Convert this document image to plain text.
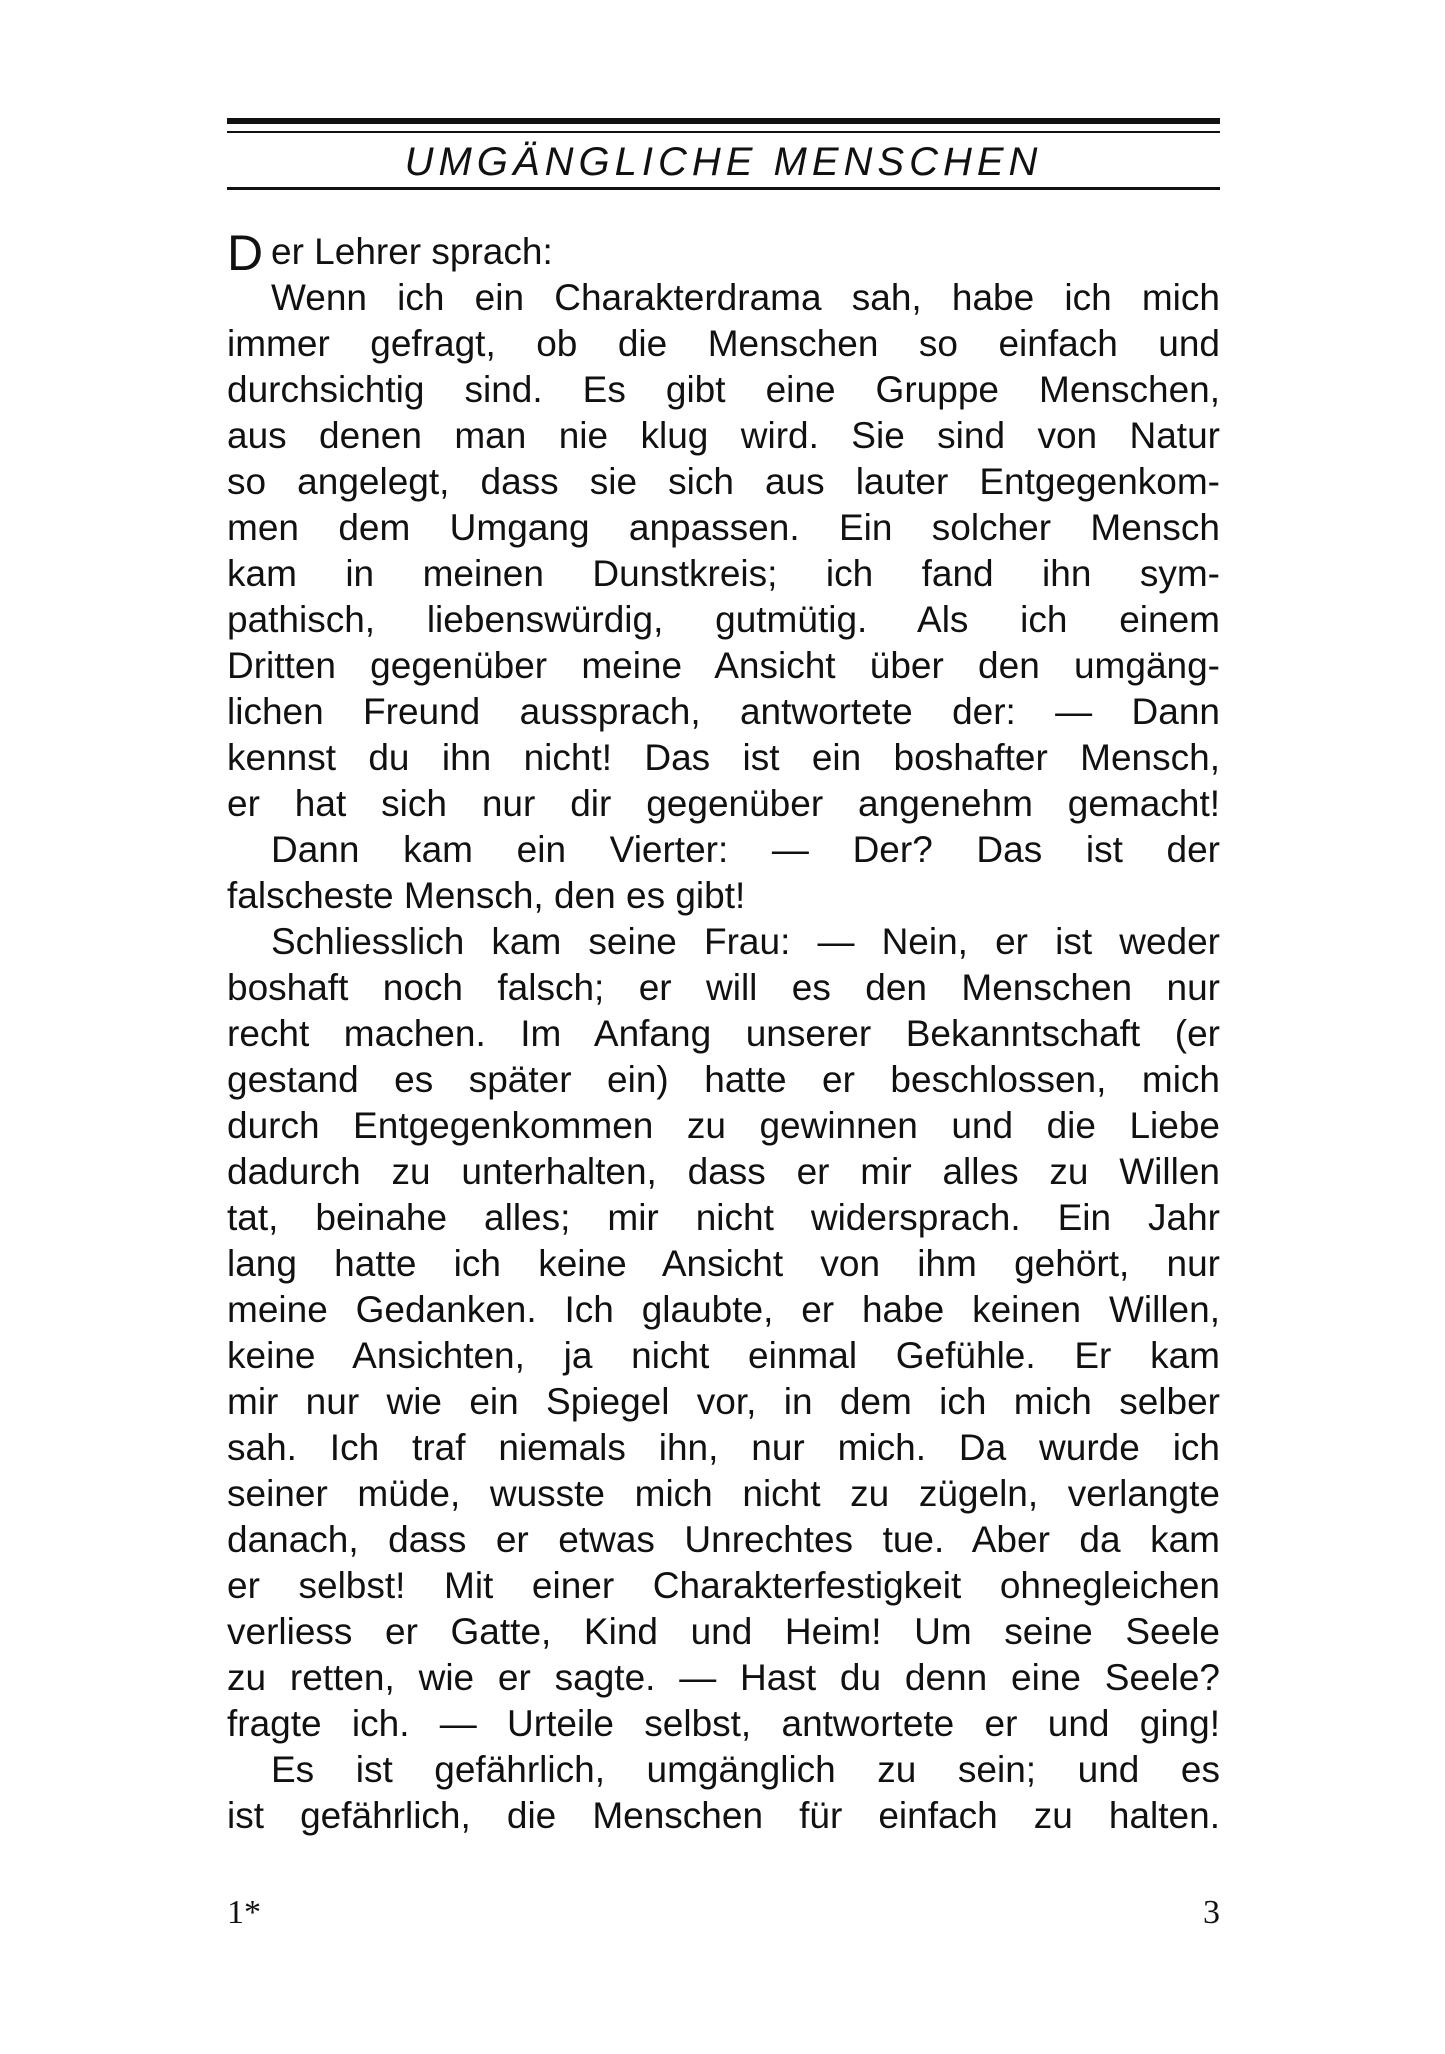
UMGÄNGLICHE MENSCHEN
D er Lehrer sprach:
Wenn ich ein Charakterdrama sah, habe ich mich
immer gefragt, ob die Menschen so einfach und
durchsichtig sind. Es gibt eine Gruppe Menschen,
aus denen man nie klug wird. Sie sind von Natur
so angelegt, dass sie sich aus lauter Entgegenkom-
men dem Umgang anpassen. Ein solcher Mensch
kam in meinen Dunstkreis; ich fand ihn sym-
pathisch, liebenswürdig, gutmütig. Als ich einem
Dritten gegenüber meine Ansicht über den umgäng-
lichen Freund aussprach, antwortete der: — Dann
kennst du ihn nicht! Das ist ein boshafter Mensch,
er hat sich nur dir gegenüber angenehm gemacht!
Dann kam ein Vierter: — Der? Das ist der
falscheste Mensch, den es gibt!
Schliesslich kam seine Frau: — Nein, er ist weder
boshaft noch falsch; er will es den Menschen nur
recht machen. Im Anfang unserer Bekanntschaft (er
gestand es später ein) hatte er beschlossen, mich
durch Entgegenkommen zu gewinnen und die Liebe
dadurch zu unterhalten, dass er mir alles zu Willen
tat, beinahe alles; mir nicht widersprach. Ein Jahr
lang hatte ich keine Ansicht von ihm gehört, nur
meine Gedanken. Ich glaubte, er habe keinen Willen,
keine Ansichten, ja nicht einmal Gefühle. Er kam
mir nur wie ein Spiegel vor, in dem ich mich selber
sah. Ich traf niemals ihn, nur mich. Da wurde ich
seiner müde, wusste mich nicht zu zügeln, verlangte
danach, dass er etwas Unrechtes tue. Aber da kam
er selbst! Mit einer Charakterfestigkeit ohnegleichen
verliess er Gatte, Kind und Heim! Um seine Seele
zu retten, wie er sagte. — Hast du denn eine Seele?
fragte ich. — Urteile selbst, antwortete er und ging!
Es ist gefährlich, umgänglich zu sein; und es
ist gefährlich, die Menschen für einfach zu halten.
1*	3
